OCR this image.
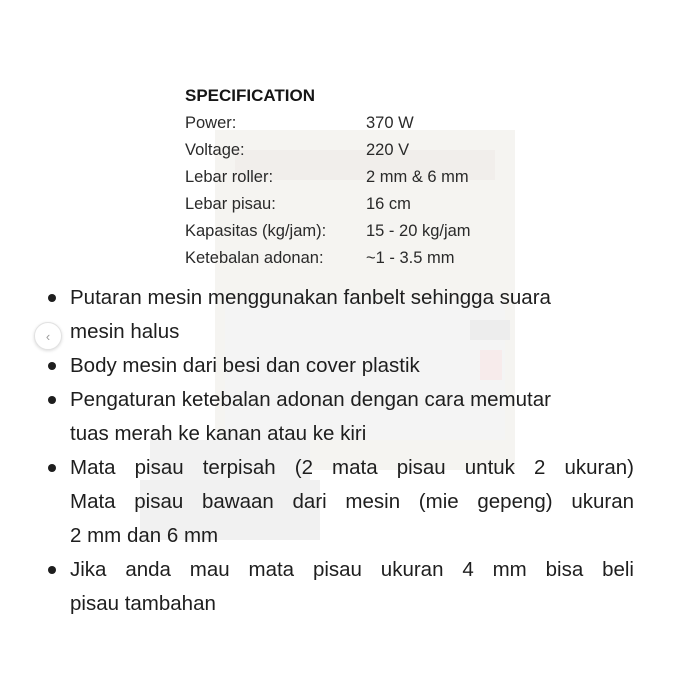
‹
SPECIFICATION
Power:	370 W
Voltage:	220 V
Lebar roller:	2 mm & 6 mm
Lebar pisau:	16 cm
Kapasitas (kg/jam):	15 - 20 kg/jam
Ketebalan adonan:	~1 - 3.5 mm
Putaran mesin menggunakan fanbelt sehingga suara
mesin halus
Body mesin dari besi dan cover plastik
Pengaturan ketebalan adonan dengan cara memutar
tuas merah ke kanan atau ke kiri
Mata pisau terpisah (2 mata pisau untuk 2 ukuran)
Mata pisau bawaan dari mesin (mie gepeng) ukuran
2 mm dan 6 mm
Jika anda mau mata pisau ukuran 4 mm bisa beli
pisau tambahan
